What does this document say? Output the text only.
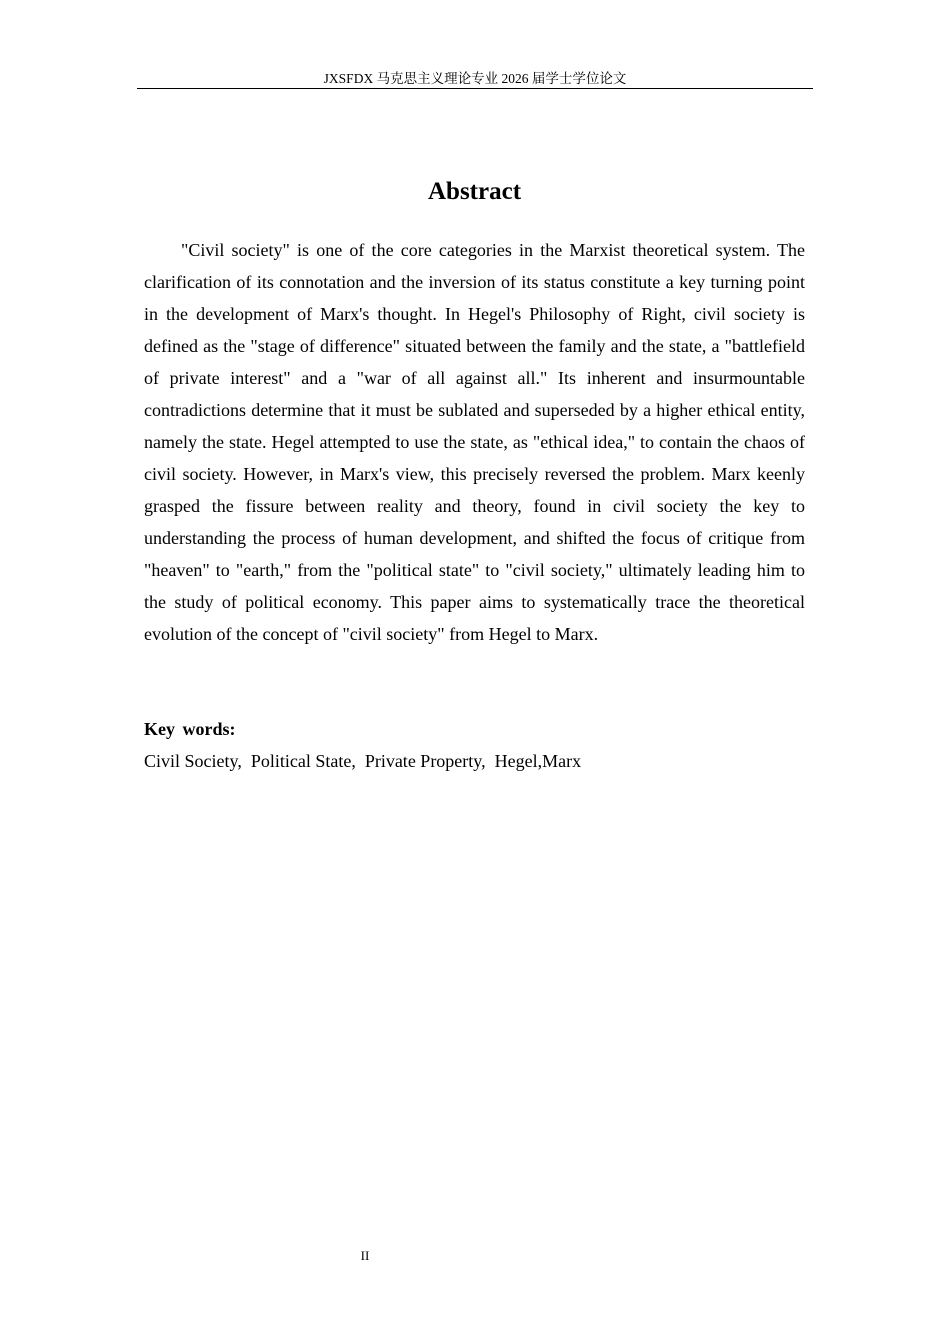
JXSFDX 马克思主义理论专业 2026 届学士学位论文
Abstract

"Civil society" is one of the core categories in the Marxist theoretical system. The clarification of its connotation and the inversion of its status constitute a key turning point in the development of Marx's thought. In Hegel's Philosophy of Right, civil society is defined as the "stage of difference" situated between the family and the state, a "battlefield of private interest" and a "war of all against all." Its inherent and insurmountable contradictions determine that it must be sublated and superseded by a higher ethical entity, namely the state. Hegel attempted to use the state, as "ethical idea," to contain the chaos of civil society. However, in Marx's view, this precisely reversed the problem. Marx keenly grasped the fissure between reality and theory, found in civil society the key to understanding the process of human development, and shifted the focus of critique from "heaven" to "earth," from the "political state" to "civil society," ultimately leading him to the study of political economy. This paper aims to systematically trace the theoretical evolution of the concept of "civil society" from Hegel to Marx.

Key words:

Civil Society,  Political State,  Private Property,  Hegel,Marx

II
